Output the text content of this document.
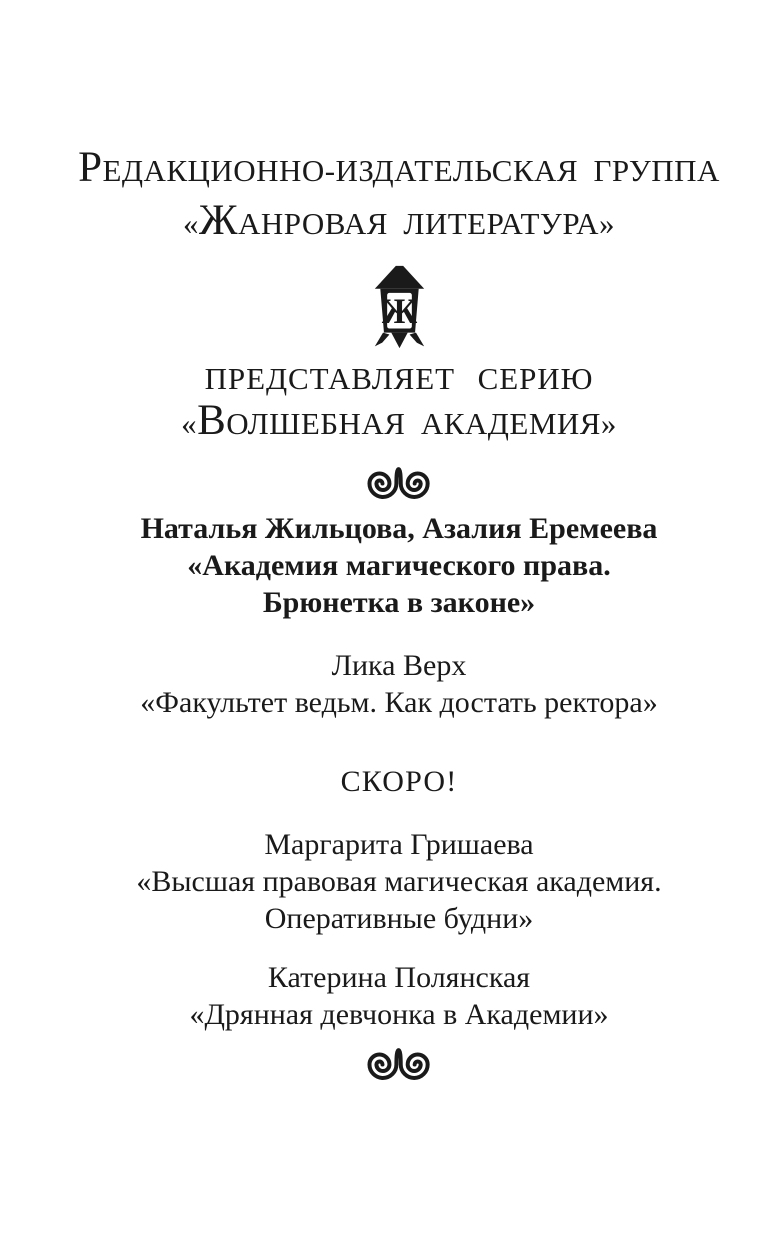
РЕДАКЦИОННО-ИЗДАТЕЛЬСКАЯ ГРУППА
«ЖАНРОВАЯ ЛИТЕРАТУРА»
Ж
ПРЕДСТАВЛЯЕТ СЕРИЮ
«ВОЛШЕБНАЯ АКАДЕМИЯ»
Наталья Жильцова, Азалия Еремеева
«Академия магического права.
Брюнетка в законе»
Лика Верх
«Факультет ведьм. Как достать ректора»
СКОРО!
Маргарита Гришаева
«Высшая правовая магическая академия.
Оперативные будни»
Катерина Полянская
«Дрянная девчонка в Академии»
